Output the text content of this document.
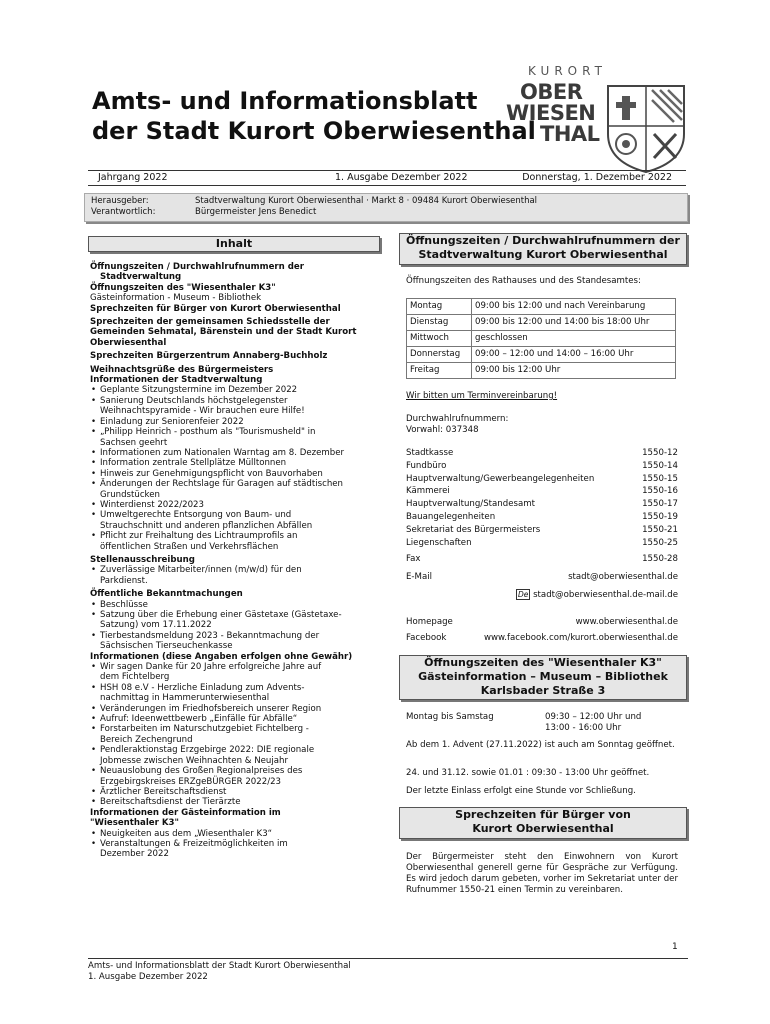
Amts- und Informationsblatt
der Stadt Kurort Oberwiesenthal
KURORT
OBER
WIESEN
THAL
Jahrgang 2022	1. Ausgabe Dezember 2022	Donnerstag, 1. Dezember 2022
Herausgeber:	Stadtverwaltung Kurort Oberwiesenthal · Markt 8 · 09484 Kurort Oberwiesenthal
Verantwortlich:	Bürgermeister Jens Benedict
Inhalt
Öffnungszeiten / Durchwahlrufnummern der
Stadtverwaltung
Öffnungszeiten des "Wiesenthaler K3"
Gästeinformation - Museum - Bibliothek
Sprechzeiten für Bürger von Kurort Oberwiesenthal
Sprechzeiten der gemeinsamen Schiedsstelle der
Gemeinden Sehmatal, Bärenstein und der Stadt Kurort
Oberwiesenthal
Sprechzeiten Bürgerzentrum Annaberg-Buchholz
Weihnachtsgrüße des Bürgermeisters
Informationen der Stadtverwaltung
• Geplante Sitzungstermine im Dezember 2022
• Sanierung Deutschlands höchstgelegenster
Weihnachtspyramide - Wir brauchen eure Hilfe!
• Einladung zur Seniorenfeier 2022
• „Philipp Heinrich - posthum als "Tourismusheld" in
Sachsen geehrt
• Informationen zum Nationalen Warntag am 8. Dezember
• Information zentrale Stellplätze Mülltonnen
• Hinweis zur Genehmigungspflicht von Bauvorhaben
• Änderungen der Rechtslage für Garagen auf städtischen
Grundstücken
• Winterdienst 2022/2023
• Umweltgerechte Entsorgung von Baum- und
Strauchschnitt und anderen pflanzlichen Abfällen
• Pflicht zur Freihaltung des Lichtraumprofils an
öffentlichen Straßen und Verkehrsflächen
Stellenausschreibung
• Zuverlässige Mitarbeiter/innen (m/w/d) für den
Parkdienst.
Öffentliche Bekanntmachungen
• Beschlüsse
• Satzung über die Erhebung einer Gästetaxe (Gästetaxe-
Satzung) vom 17.11.2022
• Tierbestandsmeldung 2023 - Bekanntmachung der
Sächsischen Tierseuchenkasse
Informationen (diese Angaben erfolgen ohne Gewähr)
• Wir sagen Danke für 20 Jahre erfolgreiche Jahre auf
dem Fichtelberg
• HSH 08 e.V - Herzliche Einladung zum Advents-
nachmittag in Hammerunterwiesenthal
• Veränderungen im Friedhofsbereich unserer Region
• Aufruf: Ideenwettbewerb „Einfälle für Abfälle“
• Forstarbeiten im Naturschutzgebiet Fichtelberg -
Bereich Zechengrund
• Pendleraktionstag Erzgebirge 2022: DIE regionale
Jobmesse zwischen Weihnachten & Neujahr
• Neuauslobung des Großen Regionalpreises des
Erzgebirgskreises ERZgeBÜRGER 2022/23
• Ärztlicher Bereitschaftsdienst
• Bereitschaftsdienst der Tierärzte
Informationen der Gästeinformation im
"Wiesenthaler K3"
• Neuigkeiten aus dem „Wiesenthaler K3“
• Veranstaltungen & Freizeitmöglichkeiten im
Dezember 2022
Öffnungszeiten / Durchwahlrufnummern der
Stadtverwaltung Kurort Oberwiesenthal
Öffnungszeiten des Rathauses und des Standesamtes:
Montag	09:00 bis 12:00 und nach Vereinbarung
Dienstag	09:00 bis 12:00 und 14:00 bis 18:00 Uhr
Mittwoch	geschlossen
Donnerstag	09:00 – 12:00 und 14:00 – 16:00 Uhr
Freitag	09:00 bis 12:00 Uhr
Wir bitten um Terminvereinbarung!
Durchwahlrufnummern:
Vorwahl: 037348
Stadtkasse	1550-12
Fundbüro	1550-14
Hauptverwaltung/Gewerbeangelegenheiten	1550-15
Kämmerei	1550-16
Hauptverwaltung/Standesamt	1550-17
Bauangelegenheiten	1550-19
Sekretariat des Bürgermeisters	1550-21
Liegenschaften	1550-25
Fax	1550-28
E-Mail	stadt@oberwiesenthal.de
De stadt@oberwiesenthal.de-mail.de
Homepage	www.oberwiesenthal.de
Facebook	www.facebook.com/kurort.oberwiesenthal.de
Öffnungszeiten des "Wiesenthaler K3"
Gästeinformation – Museum – Bibliothek
Karlsbader Straße 3
Montag bis Samstag	09:30 – 12:00 Uhr und
13:00 - 16:00 Uhr
Ab dem 1. Advent (27.11.2022) ist auch am Sonntag geöffnet.
24. und 31.12. sowie 01.01 : 09:30 - 13:00 Uhr geöffnet.
Der letzte Einlass erfolgt eine Stunde vor Schließung.
Sprechzeiten für Bürger von
Kurort Oberwiesenthal
Der Bürgermeister steht den Einwohnern von Kurort Oberwiesenthal generell gerne für Gespräche zur Verfügung. Es wird jedoch darum gebeten, vorher im Sekretariat unter der Rufnummer 1550-21 einen Termin zu vereinbaren.
1
Amts- und Informationsblatt der Stadt Kurort Oberwiesenthal
1. Ausgabe Dezember 2022
